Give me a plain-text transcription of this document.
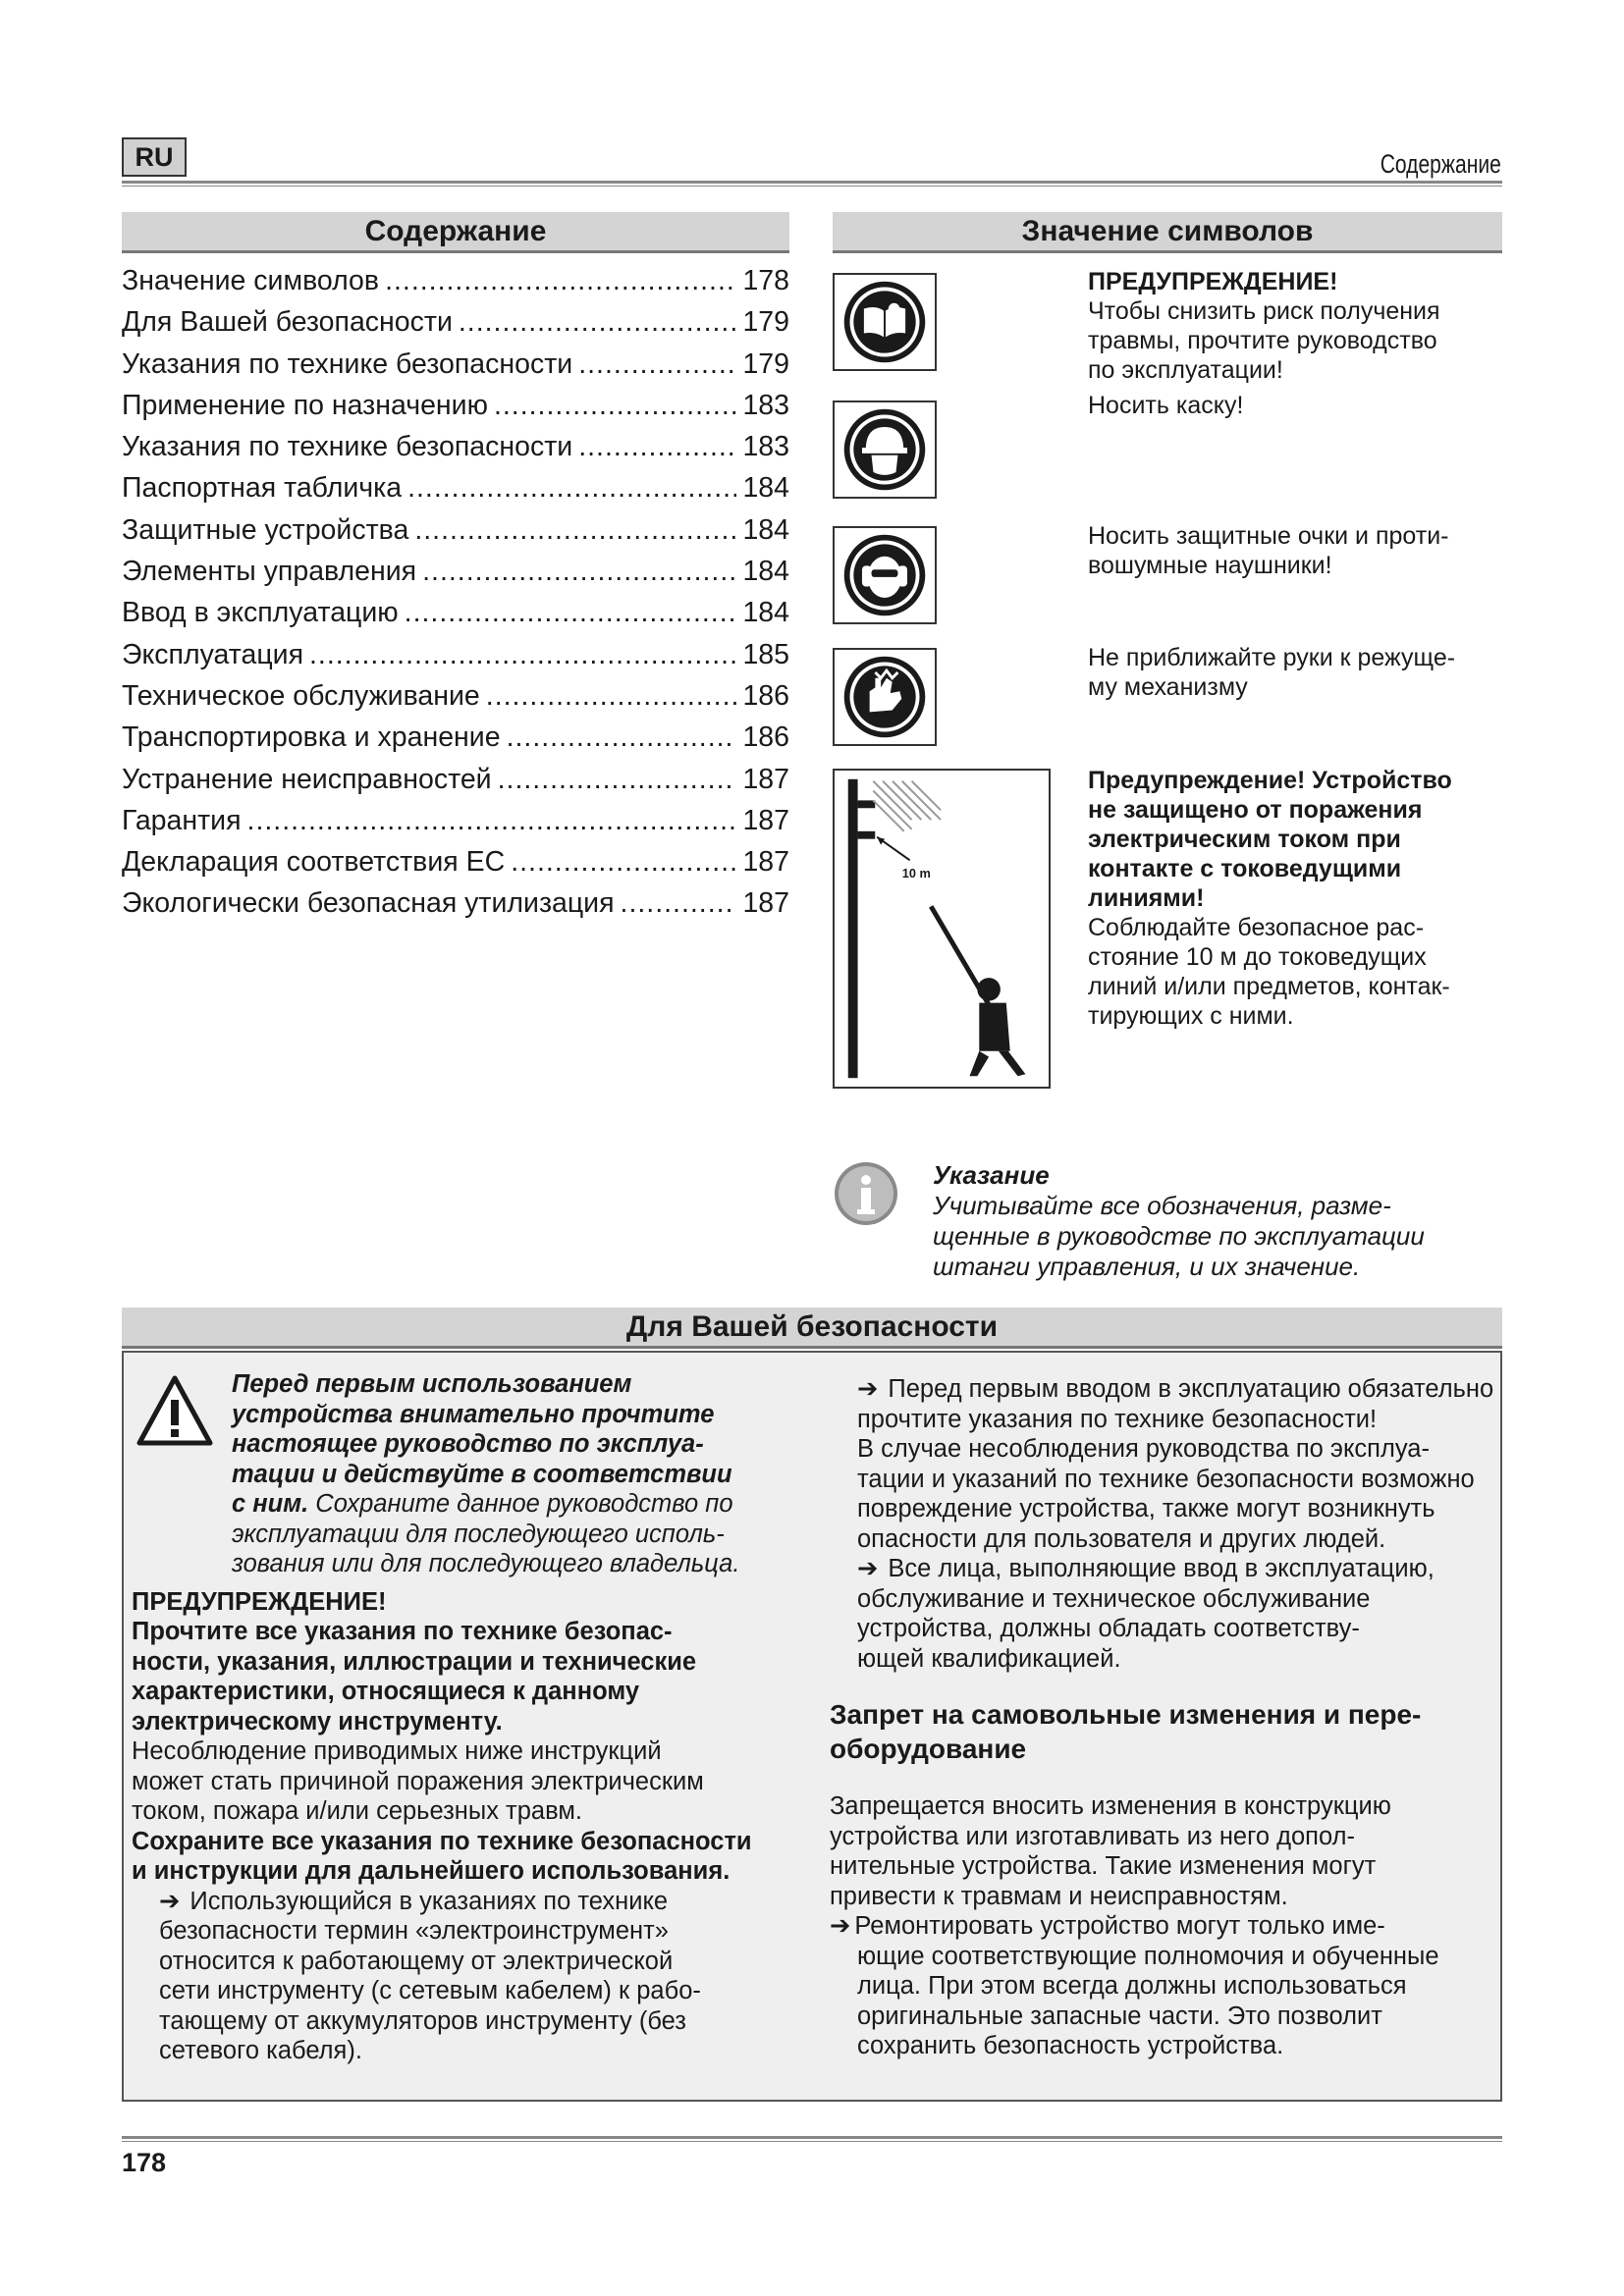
RU	Содержание
Содержание
Значение символов .....	178
Для Вашей безопасности .....	179
Указания по технике безопасности .....	179
Применение по назначению .....	183
Указания по технике безопасности .....	183
Паспортная табличка .....	184
Защитные устройства .....	184
Элементы управления .....	184
Ввод в эксплуатацию .....	184
Эксплуатация .....	185
Техническое обслуживание .....	186
Транспортировка и хранение .....	186
Устранение неисправностей .....	187
Гарантия .....	187
Декларация соответствия ЕС .....	187
Экологически безопасная утилизация .....	187
Значение символов
ПРЕДУПРЕЖДЕНИЕ!
Чтобы снизить риск получения
травмы, прочтите руководство
по эксплуатации!
Носить каску!
Носить защитные очки и проти-
вошумные наушники!
Не приближайте руки к режуще-
му механизму
10 m
Предупреждение! Устройство
не защищено от поражения
электрическим током при
контакте с токоведущими
линиями!
Соблюдайте безопасное рас-
стояние 10 м до токоведущих
линий и/или предметов, контак-
тирующих с ними.
Указание
Учитывайте все обозначения, разме-
щенные в руководстве по эксплуатации
штанги управления, и их значение.
Для Вашей безопасности
Перед первым использованием
устройства внимательно прочтите
настоящее руководство по эксплуа-
тации и действуйте в соответствии
с ним. Сохраните данное руководство по
эксплуатации для последующего исполь-
зования или для последующего владельца.
ПРЕДУПРЕЖДЕНИЕ!
Прочтите все указания по технике безопас-
ности, указания, иллюстрации и технические
характеристики, относящиеся к данному
электрическому инструменту.
Несоблюдение приводимых ниже инструкций
может стать причиной поражения электрическим
током, пожара и/или серьезных травм.
Сохраните все указания по технике безопасности
и инструкции для дальнейшего использования.
➔ Использующийся в указаниях по технике
безопасности термин «электроинструмент»
относится к работающему от электрической
сети инструменту (с сетевым кабелем) к рабо-
тающему от аккумуляторов инструменту (без
сетевого кабеля).
➔ Перед первым вводом в эксплуатацию обязательно
прочтите указания по технике безопасности!
В случае несоблюдения руководства по эксплуа-
тации и указаний по технике безопасности возможно
повреждение устройства, также могут возникнуть
опасности для пользователя и других людей.
➔ Все лица, выполняющие ввод в эксплуатацию,
обслуживание и техническое обслуживание
устройства, должны обладать соответству-
ющей квалификацией.
Запрет на самовольные изменения и пере-
оборудование
Запрещается вносить изменения в конструкцию
устройства или изготавливать из него допол-
нительные устройства. Такие изменения могут
привести к травмам и неисправностям.
➔ Ремонтировать устройство могут только име-
ющие соответствующие полномочия и обученные
лица. При этом всегда должны использоваться
оригинальные запасные части. Это позволит
сохранить безопасность устройства.
178
